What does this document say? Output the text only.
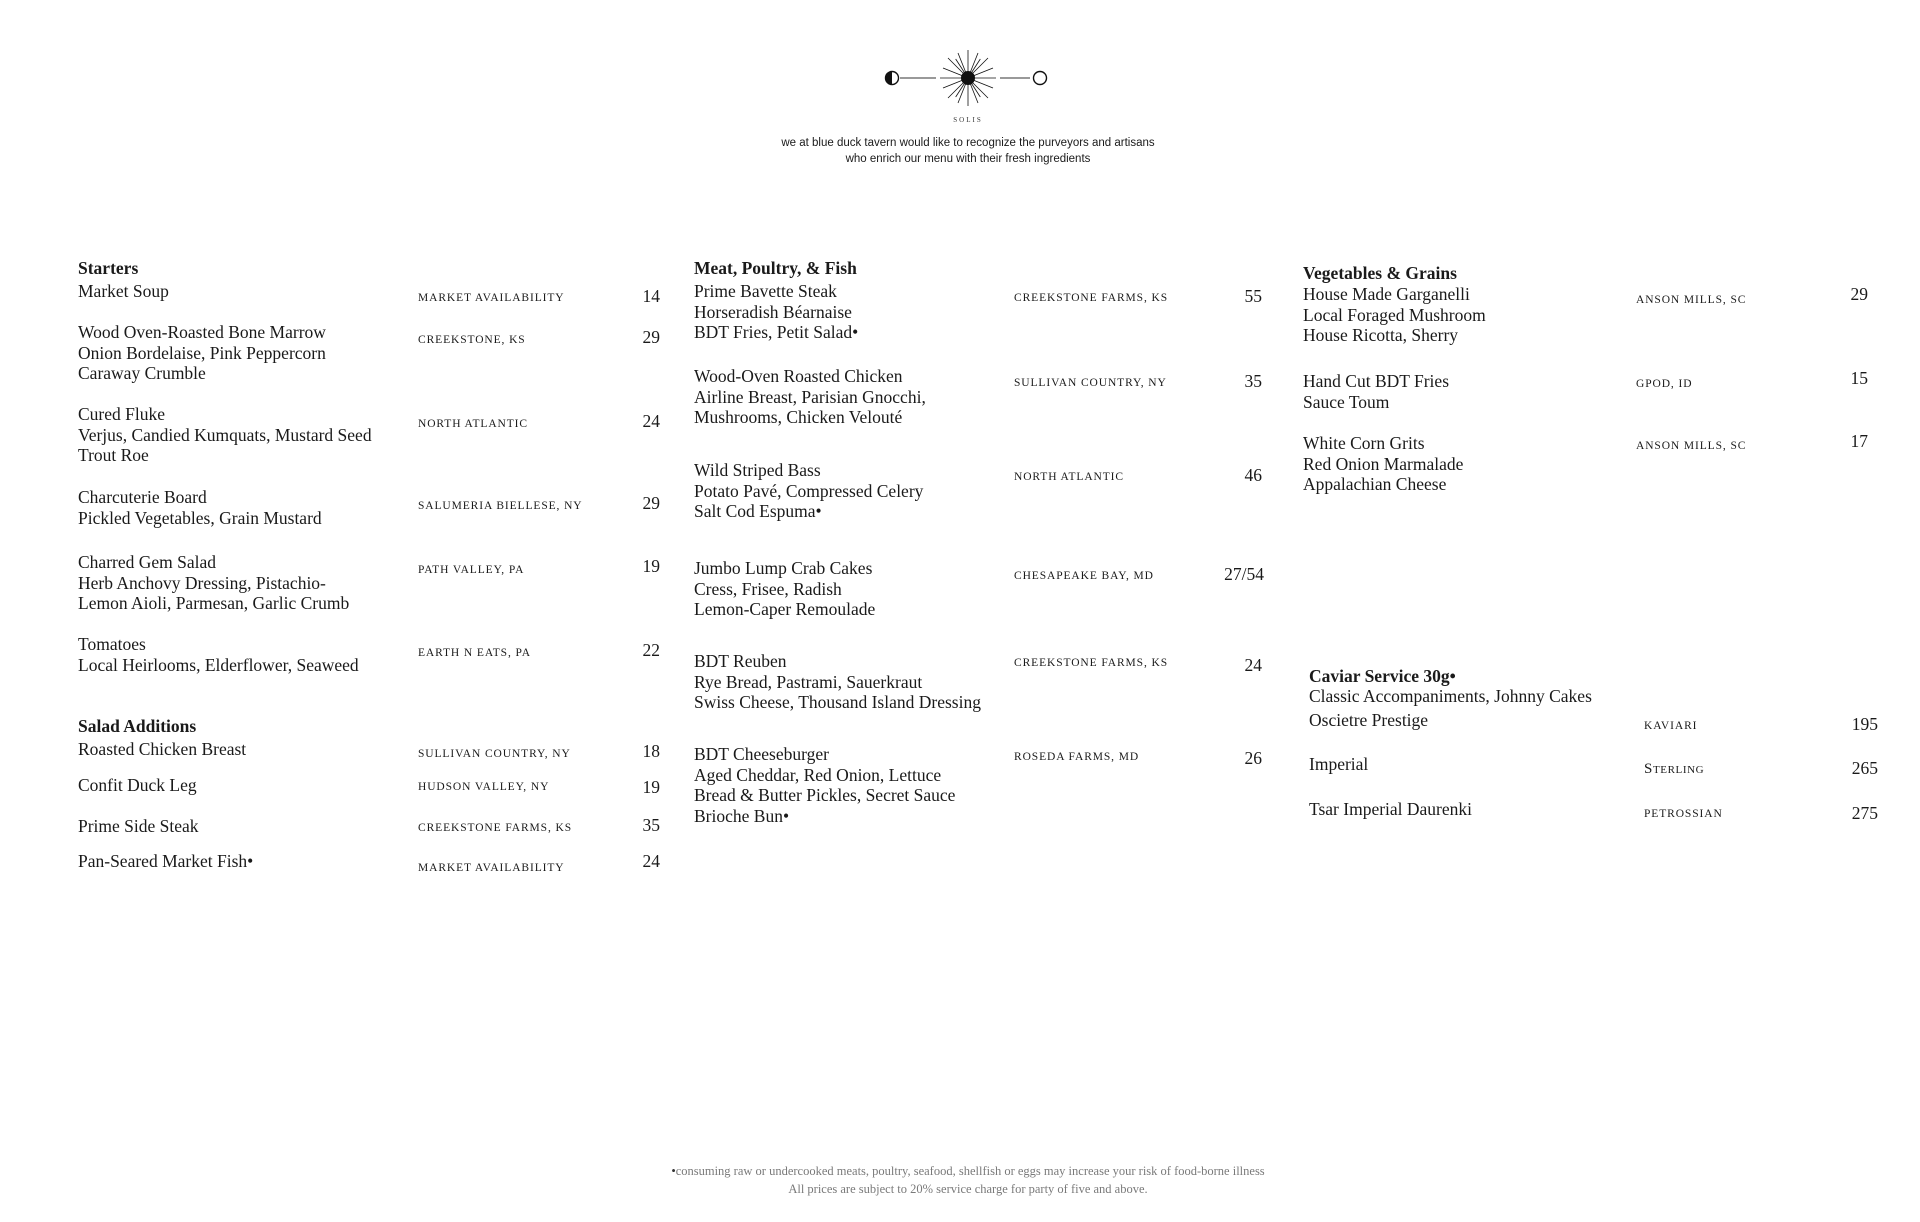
SOLIS
we at blue duck tavern would like to recognize the purveyors and artisans
who enrich our menu with their fresh ingredients
Starters
Market Soup	MARKET AVAILABILITY	14
Wood Oven-Roasted Bone Marrow
Onion Bordelaise, Pink Peppercorn
Caraway Crumble
CREEKSTONE, KS	29
Cured Fluke
Verjus, Candied Kumquats, Mustard Seed
Trout Roe
NORTH ATLANTIC	24
Charcuterie Board
Pickled Vegetables, Grain Mustard
SALUMERIA BIELLESE, NY	29
Charred Gem Salad
Herb Anchovy Dressing, Pistachio-
Lemon Aioli, Parmesan, Garlic Crumb
PATH VALLEY, PA	19
Tomatoes
Local Heirlooms, Elderflower, Seaweed
EARTH N EATS, PA	22
Salad Additions
Roasted Chicken Breast	SULLIVAN COUNTRY, NY	18
Confit Duck Leg	HUDSON VALLEY, NY	19
Prime Side Steak	CREEKSTONE FARMS, KS	35
Pan-Seared Market Fish•	MARKET AVAILABILITY	24
Meat, Poultry, & Fish
Prime Bavette Steak
Horseradish Béarnaise
BDT Fries, Petit Salad•
CREEKSTONE FARMS, KS	55
Wood-Oven Roasted Chicken
Airline Breast, Parisian Gnocchi,
Mushrooms, Chicken Velouté
SULLIVAN COUNTRY, NY	35
Wild Striped Bass
Potato Pavé, Compressed Celery
Salt Cod Espuma•
NORTH ATLANTIC	46
Jumbo Lump Crab Cakes
Cress, Frisee, Radish
Lemon-Caper Remoulade
CHESAPEAKE BAY, MD	27/54
BDT Reuben
Rye Bread, Pastrami, Sauerkraut
Swiss Cheese, Thousand Island Dressing
CREEKSTONE FARMS, KS	24
BDT Cheeseburger
Aged Cheddar, Red Onion, Lettuce
Bread & Butter Pickles, Secret Sauce
Brioche Bun•
ROSEDA FARMS, MD	26
Vegetables & Grains
House Made Garganelli
Local Foraged Mushroom
House Ricotta, Sherry
ANSON MILLS, SC	29
Hand Cut BDT Fries
Sauce Toum
GPOD, ID	15
White Corn Grits
Red Onion Marmalade
Appalachian Cheese
ANSON MILLS, SC	17
Caviar Service 30g•
Classic Accompaniments, Johnny Cakes
Oscietre Prestige	KAVIARI	195
Imperial	Sterling	265
Tsar Imperial Daurenki	PETROSSIAN	275
•consuming raw or undercooked meats, poultry, seafood, shellfish or eggs may increase your risk of food-borne illness
All prices are subject to 20% service charge for party of five and above.
